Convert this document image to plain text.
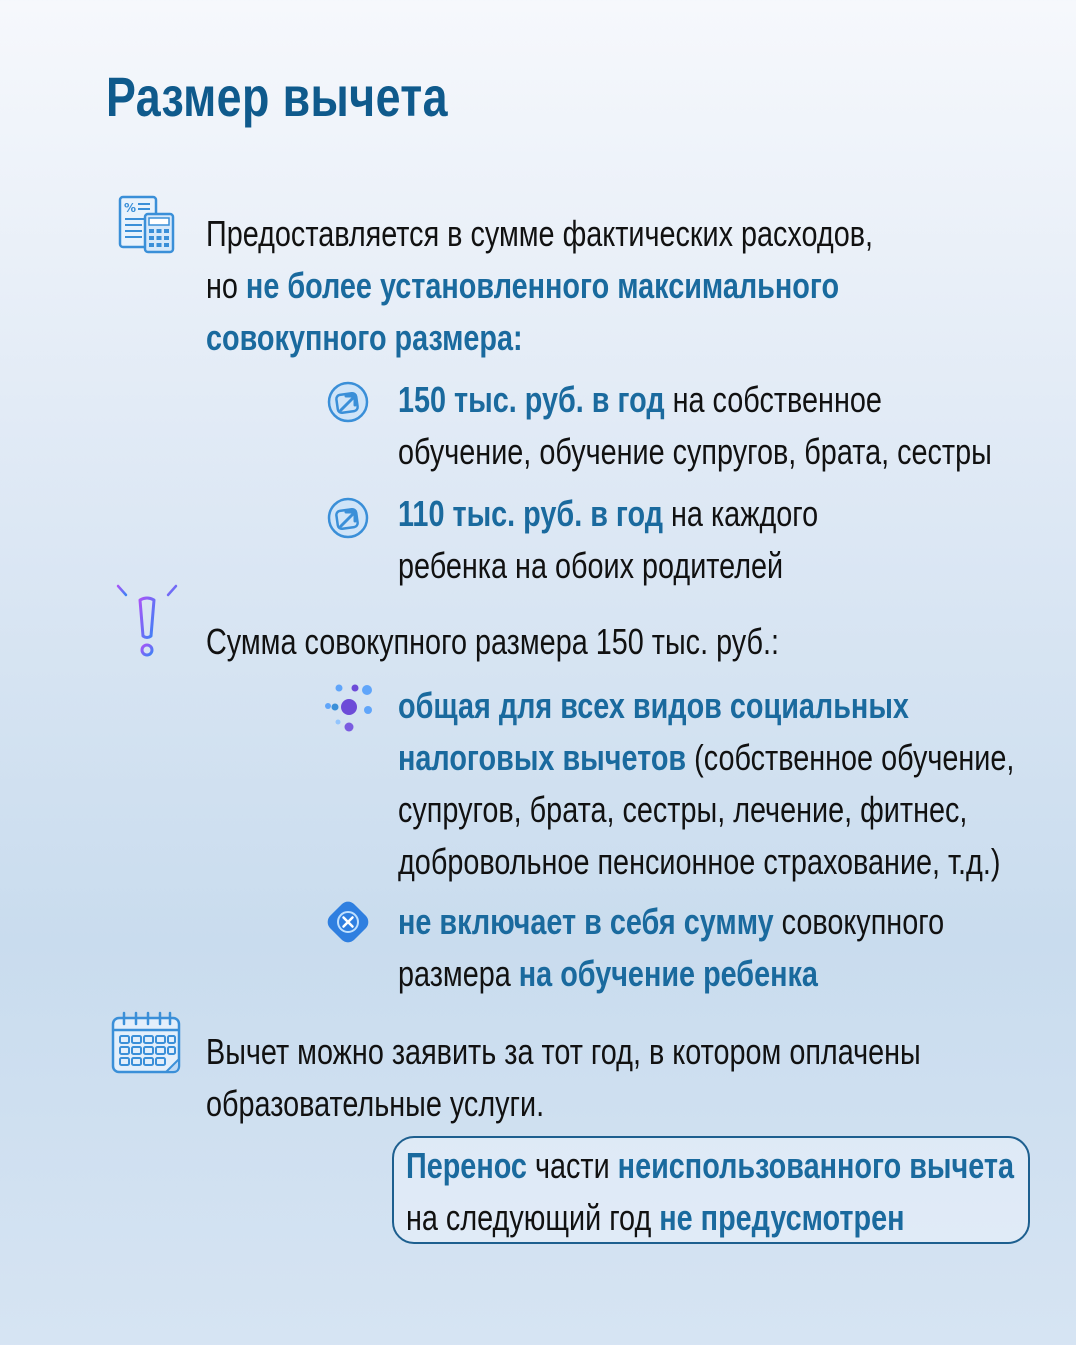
Размер вычета
%
Предоставляется в сумме фактических расходов,
но не более установленного максимального
совокупного размера:
150 тыс. руб. в год на собственное
обучение, обучение супругов, брата, сестры
110 тыс. руб. в год на каждого
ребенка на обоих родителей
Сумма совокупного размера 150 тыс. руб.:
общая для всех видов социальных
налоговых вычетов (собственное обучение,
супругов, брата, сестры, лечение, фитнес,
добровольное пенсионное страхование, т.д.)
не включает в себя сумму совокупного
размера на обучение ребенка
Вычет можно заявить за тот год, в котором оплачены
образовательные услуги.
Перенос части неиспользованного вычета
на следующий год не предусмотрен
